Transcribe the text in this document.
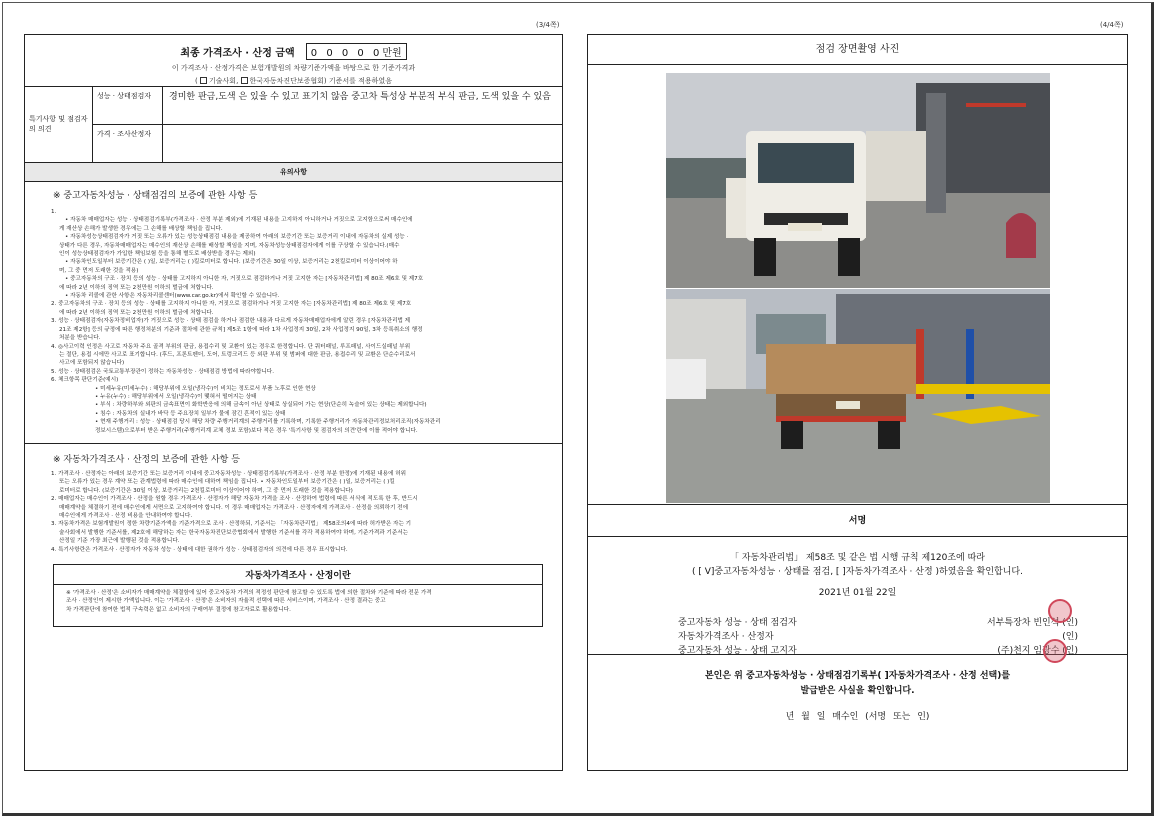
(3/4쪽)	(4/4쪽)
최종 가격조사 · 산정 금액 0 0 0 0 0만원
이 가격조사 · 산정가격은 보험개발원의 차량기준가액을 바탕으로 한 기준가격과
( 기술사회, 한국자동차진단보증협회) 기준서를 적용하였음
특기사항 및 점검자의 의견
성능 · 상태점검자	경미한 판금,도색 은 있을 수 있고 표기치 않음 중고차 특성상 부분적 부식 판금, 도색 있을 수 있음
가격 · 조사산정자
유의사항
※ 중고자동차성능 · 상태점검의 보증에 관한 사항 등
1.
• 자동차 매매업자는 성능 · 상태점검기록부(가격조사 · 산정 부분 제외)에 기재된 내용을 고지하지 아니하거나 거짓으로 고지함으로써 매수인에
게 재산상 손해가 발생한 경우에는 그 손해를 배상할 책임을 집니다.
• 자동차성능상태점검자가 거짓 또는 오류가 있는 성능상태점검 내용을 제공하여 아래의 보증기간 또는 보증거리 이내에 자동차의 실제 성능 ·
상태가 다른 경우, 자동차매매업자는 매수인의 재산상 손해를 배상할 책임을 지며, 자동차성능상태점검자에게 이를 구상할 수 있습니다.(매수
인이 성능상태점검자가 가입한 책임보험 등을 통해 별도로 배상받을 경우는 제외)
• 자동차인도일부터 보증기간은 ( )일, 보증거리는 ( )킬로미터로 합니다. (보증기간은 30일 이상, 보증거리는 2천킬로미터 이상이어야 하
며, 그 중 먼저 도래한 것을 적용)
• 중고자동차의 구조 · 장치 등의 성능 · 상태를 고지하지 아니한 자, 거짓으로 점검하거나 거짓 고지한 자는 [자동차관리법] 제 80조 제6호 및 제7호
에 따라 2년 이하의 징역 또는 2천만원 이하의 벌금에 처합니다.
• 자동차 리콜에 관한 사항은 자동차리콜센터(www.car.go.kr)에서 확인할 수 있습니다.
2. 중고자동차의 구조 · 장치 등의 성능 · 상태를 고지하지 아니한 자, 거짓으로 점검하거나 거짓 고지한 자는 [자동차관리법] 제 80조 제6호 및 제7호
에 따라 2년 이하의 징역 또는 2천만원 이하의 벌금에 처합니다.
3. 성능 · 상태점검자(자동차정비업자)가 거짓으로 성능 · 상태 점검을 하거나 점검한 내용과 다르게 자동차매매업자에게 알린 경우 [자동차관리법 제
21조 제2항] 등의 규정에 따른 행정처분의 기준과 절차에 관한 규칙] 제5조 1항에 따라 1차 사업정지 30일, 2차 사업정지 90일, 3차 등록취소의 행정
처분을 받습니다.
4. ◎사고이력 인정은 사고로 자동차 주요 골격 부위의 판금, 용접수리 및 교환이 있는 경우로 한정합니다. 단 쿼터패널, 루프패널, 사이드실패널 부위
는 절단, 용접 시에만 사고로 표기합니다. (후드, 프론트펜더, 도어, 트렁크리드 등 외판 부위 및 범퍼에 대한 판금, 용접수리 및 교환은 단순수리로서
사고에 포함되지 않습니다)
5. 성능 · 상태점검은 국토교통부장관이 정하는 자동차성능 · 상태점검 방법에 따라야합니다.
6. 체크항목 판단기준(예시)
• 미세누유(미세누수) : 해당부위에 오일(냉각수)이 비치는 정도로서 부품 노후로 인한 현상
• 누유(누수) : 해당부위에서 오일(냉각수)이 맺혀서 떨어지는 상태
• 부식 : 차량하부와 외판의 금속표면이 화학반응에 의해 금속이 아닌 상태로 상실되어 가는 현상(단순히 녹슬어 있는 상태는 제외합니다)
• 침수 : 자동차의 실내가 바닥 등 주요장치 일부가 물에 잠긴 흔적이 있는 상태
• 현재 주행거리 : 성능 · 상태점검 당시 해당 차량 주행거리계의 주행거리를 기록하며, 기록한 주행거리가 자동차관리정보처리조직(자동차관리
정보시스템)으로부터 받은 주행거리(주행거리계 교체 정보 포함)보다 적은 경우 '특기사항 및 점검자의 의견'란에 이를 적어야 합니다.
※ 자동차가격조사 · 산정의 보증에 관한 사항 등
1. 가격조사 · 산정자는 아래의 보증기간 또는 보증거리 이내에 중고자동차성능 · 상태점검기록부(가격조사 · 산정 부분 한정)에 기재된 내용에 허위
또는 오류가 있는 경우 계약 또는 관계법령에 따라 매수인에 대하여 책임을 집니다. • 자동차인도일부터 보증기간은 ( )일, 보증거리는 ( )킬
로미터로 합니다. (보증기간은 30일 이상, 보증거리는 2천킬로미터 이상이어야 하며, 그 중 먼저 도래한 것을 적용합니다)
2. 매매업자는 매수인이 가격조사 · 산정을 원할 경우 가격조사 · 산정자가 해당 자동차 가격을 조사 · 산정하여 법령에 따른 서식에 적도록 한 후, 반드시
매매계약을 체결하기 전에 매수인에게 서면으로 고지하여야 합니다. 이 경우 매매업자는 가격조사 · 산정자에게 가격조사 · 산정을 의뢰하기 전에
매수인에게 가격조사 · 산정 비용을 안내하여야 합니다.
3. 자동차가격은 보험개발원이 정한 차량기준가액을 기준가격으로 조사 · 산정하되, 기준서는 「자동차관리법」 제58조의4에 따라 허가받은 자는 기
술사회에서 발행한 기준서를, 제2호에 해당하는 자는 한국자동차진단보증협회에서 발행한 기준서를 각각 적용하여야 하며, 기준가격과 기준서는
산정일 기준 가장 최근에 발행된 것을 적용합니다.
4. 특기사항란은 가격조사 · 산정자가 자동차 성능 · 상태에 대한 권하가 성능 · 상태점검자의 의견에 다른 경우 표시합니다.
자동차가격조사 · 산정이란
※ '가격조사 · 산정'은 소비자가 매매계약을 체결함에 있어 중고자동차 가격의 적정성 판단에 참고할 수 있도록 법에 의한 절차와 기준에 따라 전문 가격
조사 · 산정인이 제시한 가액입니다. 이는 '가격조사 · 산정'은 소비자의 자율적 선택에 따른 서비스이며, 가격조사 · 산정 결과는 중고
차 가격판단에 참여한 법적 구속력은 없고 소비자의 구매여부 결정에 참고자료로 활용합니다.
점검 장면촬영 사진
서명
「 자동차관리법」 제58조 및 같은 법 시행 규칙 제120조에 따라
( [ V]중고자동차성능 · 상태를 점검, [ ]자동차가격조사 · 산정 )하였음을 확인합니다.
2021년 01월 22일
중고자동차 성능 · 상태 점검자	서부특장차 빈인석 (인)
자동차가격조사 · 산정자	(인)
중고자동차 성능 · 상태 고지자	(주)천지 임광수 (인)
본인은 위 중고자동차성능 · 상태점검기록부( ]자동차가격조사 · 산정 선택)를
발급받은 사실을 확인합니다.
년 월 일 매수인 (서명 또는 인)
